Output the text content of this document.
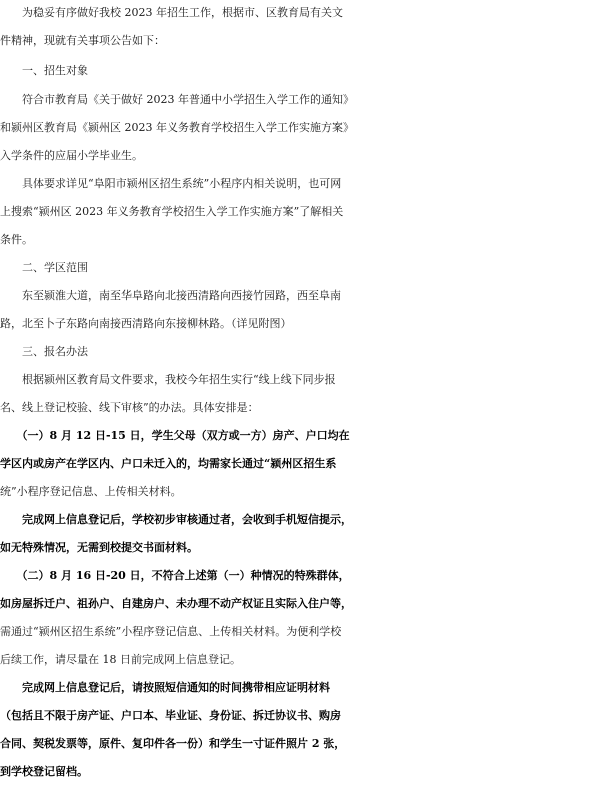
　　为稳妥有序做好我校 2023 年招生工作，根据市、区教育局有关文
件精神，现就有关事项公告如下：
　　一、招生对象
　　符合市教育局《关于做好 2023 年普通中小学招生入学工作的通知》
和颍州区教育局《颍州区 2023 年义务教育学校招生入学工作实施方案》
入学条件的应届小学毕业生。
　　具体要求详见“阜阳市颍州区招生系统”小程序内相关说明，也可网
上搜索“颍州区 2023 年义务教育学校招生入学工作实施方案”了解相关
条件。
　　二、学区范围
　　东至颍淮大道，南至华阜路向北接西清路向西接竹园路，西至阜南
路，北至卜子东路向南接西清路向东接柳林路。（详见附图）
　　三、报名办法
　　根据颍州区教育局文件要求，我校今年招生实行“线上线下同步报
名、线上登记校验、线下审核”的办法。具体安排是：
　　（一）8 月 12 日-15 日，学生父母（双方或一方）房产、户口均在
学区内或房产在学区内、户口未迁入的，均需家长通过“颍州区招生系
统”小程序登记信息、上传相关材料。
　　完成网上信息登记后，学校初步审核通过者，会收到手机短信提示，
如无特殊情况，无需到校提交书面材料。
　　（二）8 月 16 日-20 日，不符合上述第（一）种情况的特殊群体，
如房屋拆迁户、祖孙户、自建房户、未办理不动产权证且实际入住户等，
需通过“颍州区招生系统”小程序登记信息、上传相关材料。为便利学校
后续工作，请尽量在 18 日前完成网上信息登记。
　　完成网上信息登记后，请按照短信通知的时间携带相应证明材料
（包括且不限于房产证、户口本、毕业证、身份证、拆迁协议书、购房
合同、契税发票等，原件、复印件各一份）和学生一寸证件照片 2 张，
到学校登记留档。
